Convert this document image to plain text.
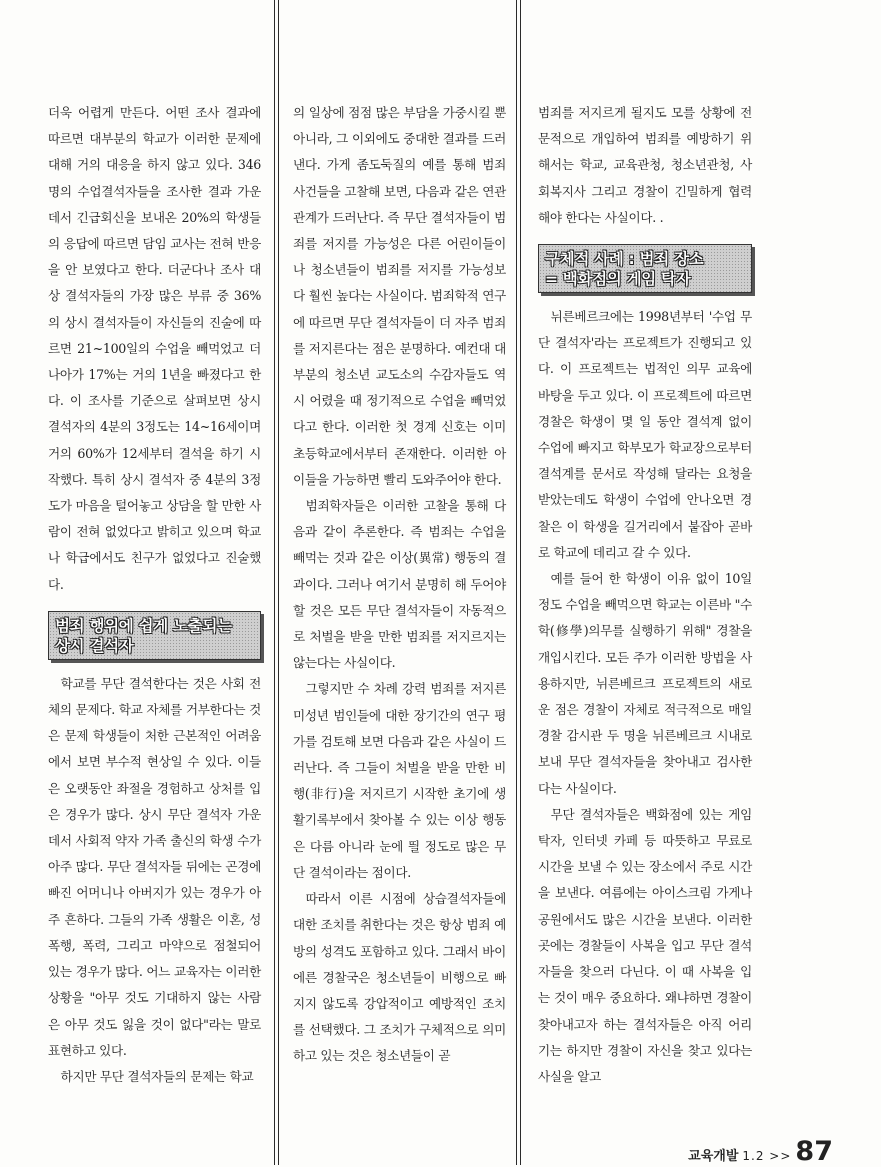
더욱 어렵게 만든다. 어떤 조사 결과에 따르면 대부분의 학교가 이러한 문제에 대해 거의 대응을 하지 않고 있다. 346명의 수업결석자들을 조사한 결과 가운데서 긴급회신을 보내온 20%의 학생들의 응답에 따르면 담임 교사는 전혀 반응을 안 보였다고 한다. 더군다나 조사 대상 결석자들의 가장 많은 부류 중 36%의 상시 결석자들이 자신들의 진술에 따르면 21~100일의 수업을 빼먹었고 더 나아가 17%는 거의 1년을 빠졌다고 한다. 이 조사를 기준으로 살펴보면 상시 결석자의 4분의 3정도는 14~16세이며 거의 60%가 12세부터 결석을 하기 시작했다. 특히 상시 결석자 중 4분의 3정도가 마음을 털어놓고 상담을 할 만한 사람이 전혀 없었다고 밝히고 있으며 학교나 학급에서도 친구가 없었다고 진술했다.

범죄 행위에 쉽게 노출되는
상시 결석자

학교를 무단 결석한다는 것은 사회 전체의 문제다. 학교 자체를 거부한다는 것은 문제 학생들이 처한 근본적인 어려움에서 보면 부수적 현상일 수 있다. 이들은 오랫동안 좌절을 경험하고 상처를 입은 경우가 많다. 상시 무단 결석자 가운데서 사회적 약자 가족 출신의 학생 수가 아주 많다. 무단 결석자들 뒤에는 곤경에 빠진 어머니나 아버지가 있는 경우가 아주 흔하다. 그들의 가족 생활은 이혼, 성폭행, 폭력, 그리고 마약으로 점철되어 있는 경우가 많다. 어느 교육자는 이러한 상황을 "아무 것도 기대하지 않는 사람은 아무 것도 잃을 것이 없다"라는 말로 표현하고 있다.

하지만 무단 결석자들의 문제는 학교

의 일상에 점점 많은 부담을 가중시킬 뿐 아니라, 그 이외에도 중대한 결과를 드러낸다. 가게 좀도둑질의 예를 통해 범죄 사건들을 고찰해 보면, 다음과 같은 연관 관계가 드러난다. 즉 무단 결석자들이 범죄를 저지를 가능성은 다른 어린이들이나 청소년들이 범죄를 저지를 가능성보다 훨씬 높다는 사실이다. 범죄학적 연구에 따르면 무단 결석자들이 더 자주 범죄를 저지른다는 점은 분명하다. 예컨대 대부분의 청소년 교도소의 수감자들도 역시 어렸을 때 정기적으로 수업을 빼먹었다고 한다. 이러한 첫 경계 신호는 이미 초등학교에서부터 존재한다. 이러한 아이들을 가능하면 빨리 도와주어야 한다.

범죄학자들은 이러한 고찰을 통해 다음과 같이 추론한다. 즉 범죄는 수업을 빼먹는 것과 같은 이상(異常) 행동의 결과이다. 그러나 여기서 분명히 해 두어야 할 것은 모든 무단 결석자들이 자동적으로 처벌을 받을 만한 범죄를 저지르지는 않는다는 사실이다.

그렇지만 수 차례 강력 범죄를 저지른 미성년 범인들에 대한 장기간의 연구 평가를 검토해 보면 다음과 같은 사실이 드러난다. 즉 그들이 처벌을 받을 만한 비행(非行)을 저지르기 시작한 초기에 생활기록부에서 찾아볼 수 있는 이상 행동은 다름 아니라 눈에 띌 정도로 많은 무단 결석이라는 점이다.

따라서 이른 시점에 상습결석자들에 대한 조치를 취한다는 것은 항상 범죄 예방의 성격도 포함하고 있다. 그래서 바이에른 경찰국은 청소년들이 비행으로 빠지지 않도록 강압적이고 예방적인 조치를 선택했다. 그 조치가 구체적으로 의미하고 있는 것은 청소년들이 곧

범죄를 저지르게 될지도 모를 상황에 전문적으로 개입하여 범죄를 예방하기 위해서는 학교, 교육관청, 청소년관청, 사회복지사 그리고 경찰이 긴밀하게 협력해야 한다는 사실이다. .

구체적 사례 : 범죄 장소
= 백화점의 게임 탁자

뉘른베르크에는 1998년부터 '수업 무단 결석자'라는 프로젝트가 진행되고 있다. 이 프로젝트는 법적인 의무 교육에 바탕을 두고 있다. 이 프로젝트에 따르면 경찰은 학생이 몇 일 동안 결석계 없이 수업에 빠지고 학부모가 학교장으로부터 결석계를 문서로 작성해 달라는 요청을 받았는데도 학생이 수업에 안나오면 경찰은 이 학생을 길거리에서 붙잡아 곧바로 학교에 데리고 갈 수 있다.

예를 들어 한 학생이 이유 없이 10일 정도 수업을 빼먹으면 학교는 이른바 "수학(修學)의무를 실행하기 위해" 경찰을 개입시킨다. 모든 주가 이러한 방법을 사용하지만, 뉘른베르크 프로젝트의 새로운 점은 경찰이 자체로 적극적으로 매일 경찰 감시관 두 명을 뉘른베르크 시내로 보내 무단 결석자들을 찾아내고 검사한다는 사실이다.

무단 결석자들은 백화점에 있는 게임 탁자, 인터넷 카페 등 따뜻하고 무료로 시간을 보낼 수 있는 장소에서 주로 시간을 보낸다. 여름에는 아이스크림 가게나 공원에서도 많은 시간을 보낸다. 이러한 곳에는 경찰들이 사복을 입고 무단 결석자들을 찾으러 다닌다. 이 때 사복을 입는 것이 매우 중요하다. 왜냐하면 경찰이 찾아내고자 하는 결석자들은 아직 어리기는 하지만 경찰이 자신을 찾고 있다는 사실을 알고

교육개발 1.2 >> 87
